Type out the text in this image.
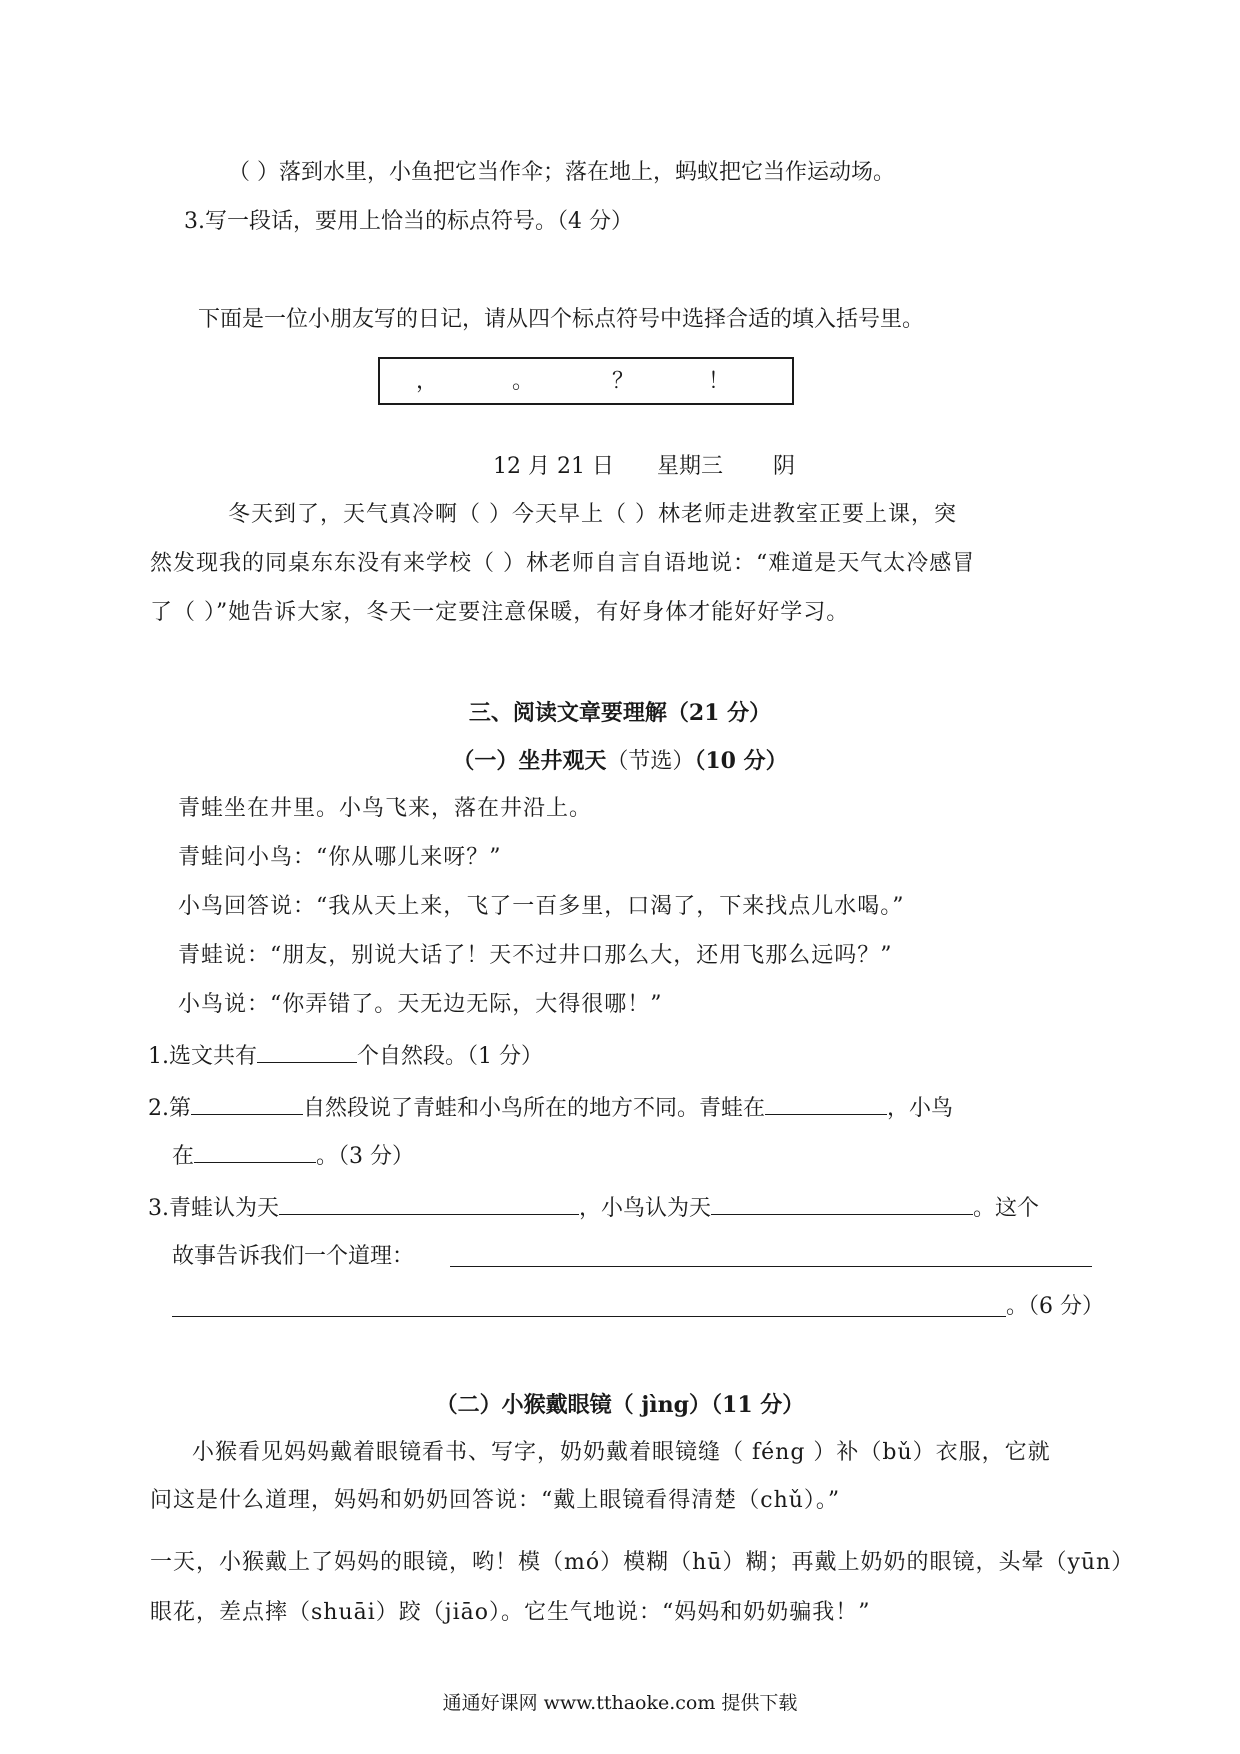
（ ）落到水里，小鱼把它当作伞；落在地上，蚂蚁把它当作运动场。
3.写一段话，要用上恰当的标点符号。（4 分）
下面是一位小朋友写的日记，请从四个标点符号中选择合适的填入括号里。
，	。	？	！
12 月 21 日 星期三 阴
冬天到了，天气真冷啊（ ）今天早上（ ）林老师走进教室正要上课，突
然发现我的同桌东东没有来学校（ ）林老师自言自语地说：“难道是天气太冷感冒
了（ ）”她告诉大家，冬天一定要注意保暖，有好身体才能好好学习。
三、阅读文章要理解（21 分）
（一）坐井观天（节选）（10 分）
青蛙坐在井里。小鸟飞来，落在井沿上。
青蛙问小鸟：“你从哪儿来呀？”
小鸟回答说：“我从天上来，飞了一百多里，口渴了，下来找点儿水喝。”
青蛙说：“朋友，别说大话了！天不过井口那么大，还用飞那么远吗？”
小鸟说：“你弄错了。天无边无际，大得很哪！”
1.选文共有	个自然段。（1 分）
2.第	自然段说了青蛙和小鸟所在的地方不同。青蛙在	，小鸟
在	。（3 分）
3.青蛙认为天	，小鸟认为天	。这个
故事告诉我们一个道理：
。（6 分）
（二）小猴戴眼镜（ jìng）（11 分）
小猴看见妈妈戴着眼镜看书、写字，奶奶戴着眼镜缝（ féng ）补（bǔ）衣服，它就
问这是什么道理，妈妈和奶奶回答说：“戴上眼镜看得清楚（chǔ）。”
一天，小猴戴上了妈妈的眼镜，哟！模（mó）模糊（hū）糊；再戴上奶奶的眼镜，头晕（yūn）
眼花，差点摔（shuāi）跤（jiāo）。它生气地说：“妈妈和奶奶骗我！”
通通好课网 www.tthaoke.com 提供下载
